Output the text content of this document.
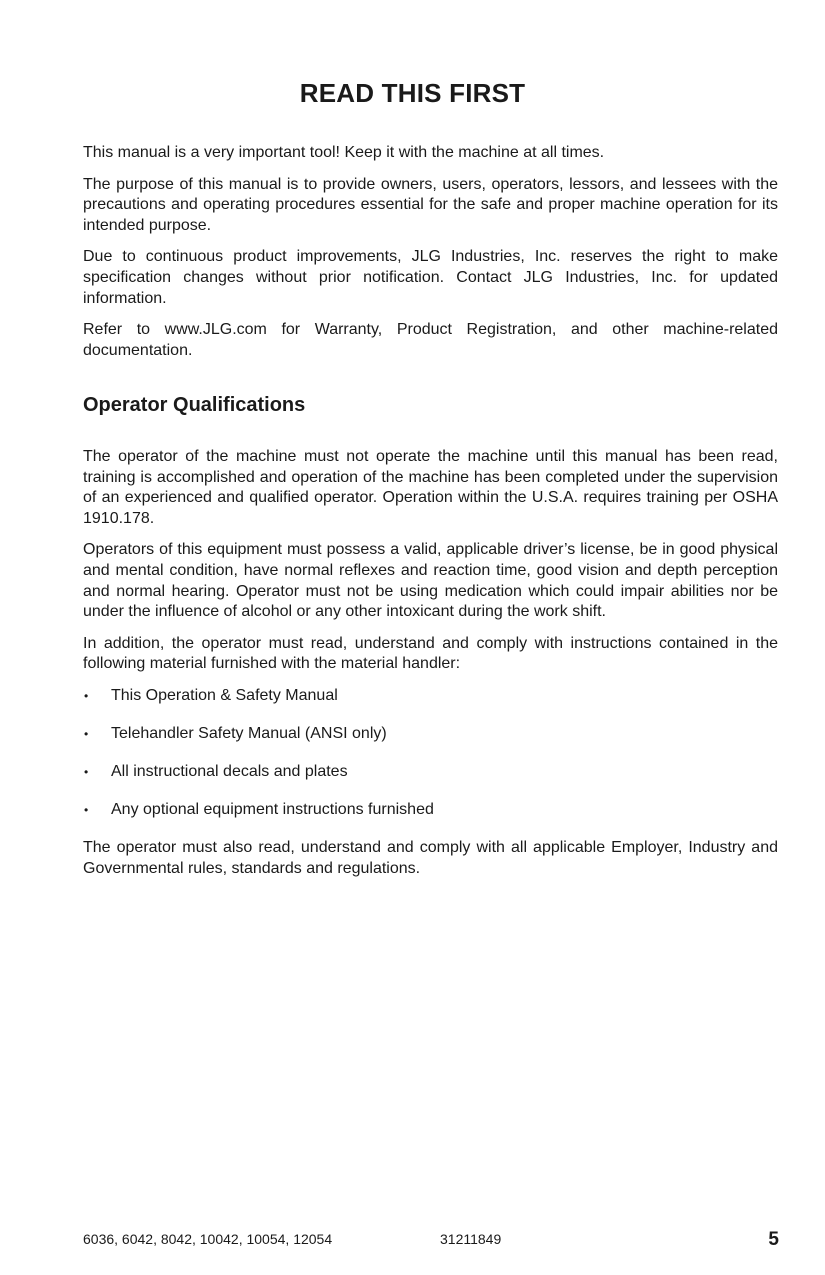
READ THIS FIRST

This manual is a very important tool! Keep it with the machine at all times.

The purpose of this manual is to provide owners, users, operators, lessors, and lessees with the precautions and operating procedures essential for the safe and proper machine operation for its intended purpose.

Due to continuous product improvements, JLG Industries, Inc. reserves the right to make specification changes without prior notification. Contact JLG Industries, Inc. for updated information.

Refer to www.JLG.com for Warranty, Product Registration, and other machine-related documentation.

Operator Qualifications

The operator of the machine must not operate the machine until this manual has been read, training is accomplished and operation of the machine has been completed under the supervision of an experienced and qualified operator. Operation within the U.S.A. requires training per OSHA 1910.178.

Operators of this equipment must possess a valid, applicable driver’s license, be in good physical and mental condition, have normal reflexes and reaction time, good vision and depth perception and normal hearing. Operator must not be using medication which could impair abilities nor be under the influence of alcohol or any other intoxicant during the work shift.

In addition, the operator must read, understand and comply with instructions contained in the following material furnished with the material handler:

• This Operation & Safety Manual
• Telehandler Safety Manual (ANSI only)
• All instructional decals and plates
• Any optional equipment instructions furnished

The operator must also read, understand and comply with all applicable Employer, Industry and Governmental rules, standards and regulations.

6036, 6042, 8042, 10042, 10054, 12054	31211849	5
